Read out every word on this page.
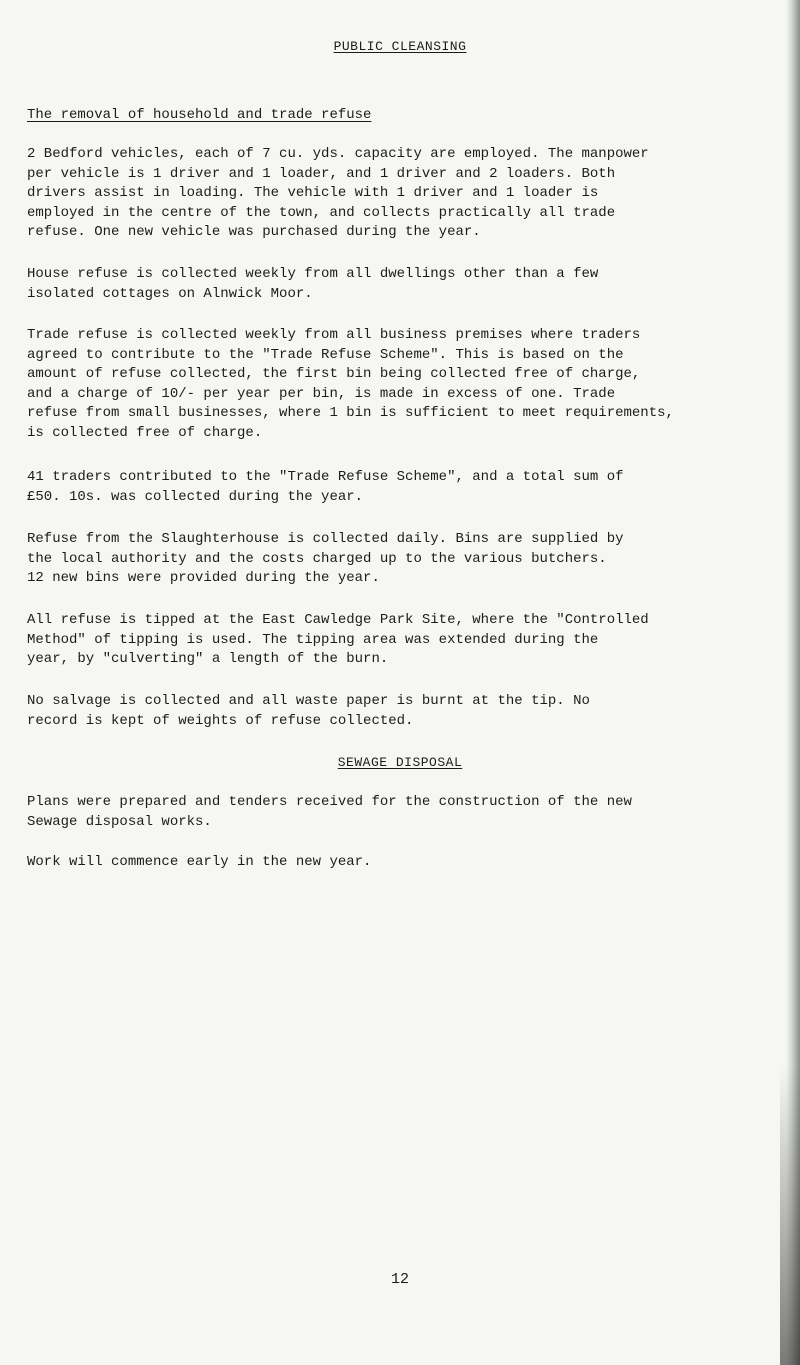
PUBLIC CLEANSING
The removal of household and trade refuse

2 Bedford vehicles, each of 7 cu. yds. capacity are employed. The manpower
per vehicle is 1 driver and 1 loader, and 1 driver and 2 loaders. Both
drivers assist in loading. The vehicle with 1 driver and 1 loader is
employed in the centre of the town, and collects practically all trade
refuse. One new vehicle was purchased during the year.

House refuse is collected weekly from all dwellings other than a few
isolated cottages on Alnwick Moor.

Trade refuse is collected weekly from all business premises where traders
agreed to contribute to the "Trade Refuse Scheme". This is based on the
amount of refuse collected, the first bin being collected free of charge,
and a charge of 10/- per year per bin, is made in excess of one. Trade
refuse from small businesses, where 1 bin is sufficient to meet requirements,
is collected free of charge.

41 traders contributed to the "Trade Refuse Scheme", and a total sum of
£50. 10s. was collected during the year.

Refuse from the Slaughterhouse is collected daily. Bins are supplied by
the local authority and the costs charged up to the various butchers.
12 new bins were provided during the year.

All refuse is tipped at the East Cawledge Park Site, where the "Controlled
Method" of tipping is used. The tipping area was extended during the
year, by "culverting" a length of the burn.

No salvage is collected and all waste paper is burnt at the tip. No
record is kept of weights of refuse collected.

SEWAGE DISPOSAL

Plans were prepared and tenders received for the construction of the new
Sewage disposal works.

Work will commence early in the new year.

12
